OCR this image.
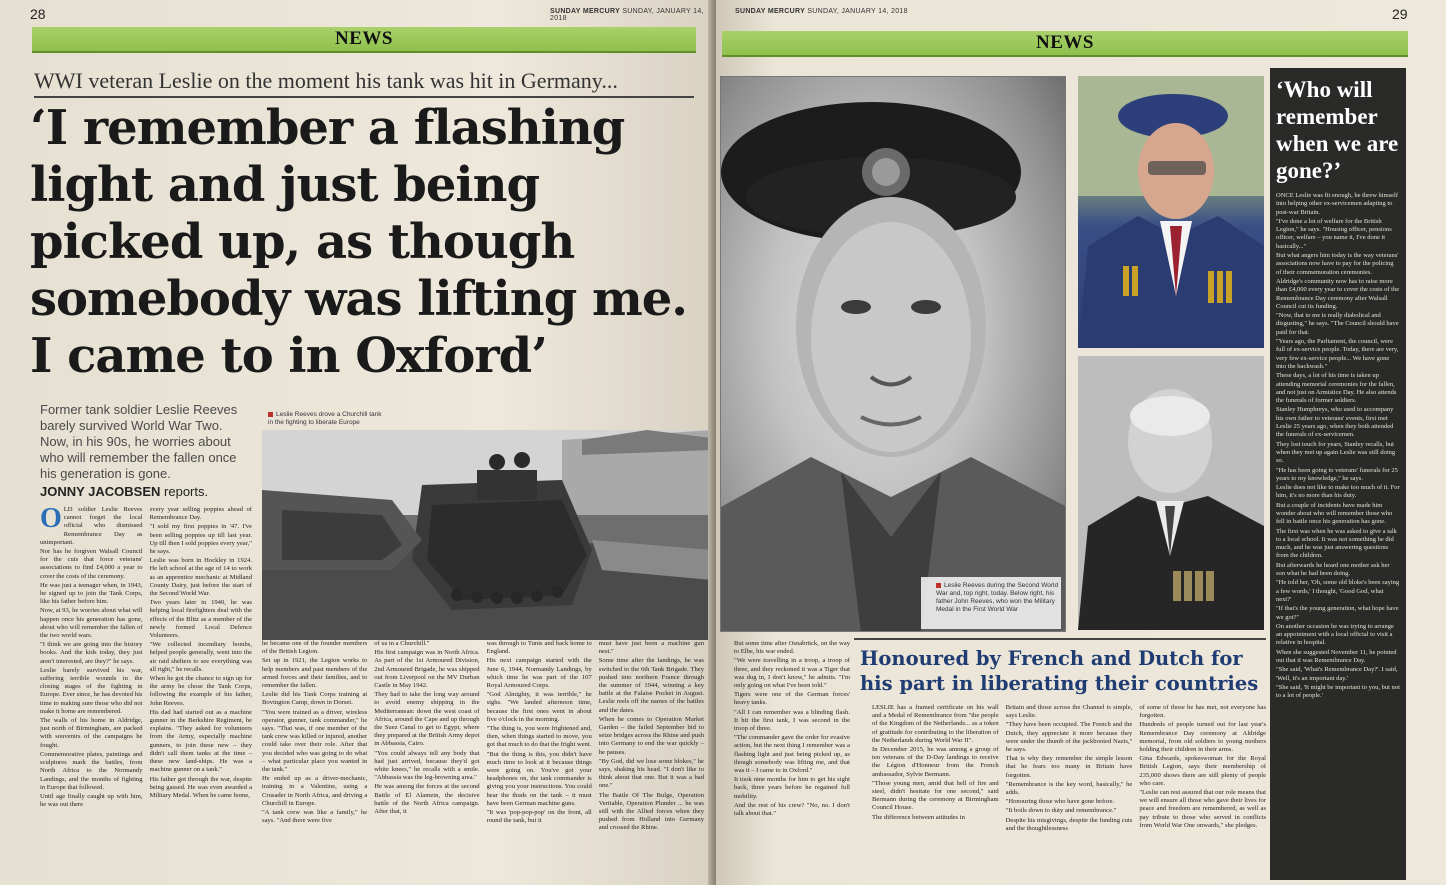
28	SUNDAY MERCURY SUNDAY, JANUARY 14, 2018
NEWS
WWI veteran Leslie on the moment his tank was hit in Germany...
‘I remember a flashing light and just being picked up, as though somebody was lifting me. I came to in Oxford’
Former tank soldier Leslie Reeves barely survived World War Two. Now, in his 90s, he worries about who will remember the fallen once his generation is gone.
JONNY JACOBSEN reports.
Leslie Reeves drove a Churchill tank in the fighting to liberate Europe
O LD soldier Leslie Reeves cannot forget the local official who dismissed Remembrance Day as unimportant.

Nor has he forgiven Walsall Council for the cuts that force veterans' associations to find £4,000 a year to cover the costs of the ceremony.

He was just a teenager when, in 1943, he signed up to join the Tank Corps, like his father before him.

Now, at 93, he worries about what will happen once his generation has gone, about who will remember the fallen of the two world wars.

"I think we are going into the history books. And the kids today, they just aren't interested, are they?" he says.

Leslie barely survived his war, suffering terrible wounds in the closing stages of the fighting in Europe. Ever since, he has devoted his time to making sure those who did not make it home are remembered.

The walls of his home in Aldridge, just north of Birmingham, are packed with souvenirs of the campaigns he fought.

Commemorative plates, paintings and sculptures mark the battles, from North Africa to the Normandy Landings, and the months of fighting in Europe that followed.

Until age finally caught up with him, he was out there

every year selling poppies ahead of Remembrance Day.

"I sold my first poppies in '47. I've been selling poppies up till last year. Up till then I sold poppies every year," he says.

Leslie was born in Hockley in 1924. He left school at the age of 14 to work as an apprentice mechanic at Midland County Dairy, just before the start of the Second World War.

Two years later in 1940, he was helping local firefighters deal with the effects of the Blitz as a member of the newly formed Local Defence Volunteers.

"We collected incendiary bombs, helped people generally, went into the air raid shelters to see everything was all right," he recalls.

When he got the chance to sign up for the army he chose the Tank Corps, following the example of his father, John Reeves.

His dad had started out as a machine gunner in the Berkshire Regiment, he explains. "They asked for volunteers from the Army, especially machine gunners, to join these new – they didn't call them tanks at the time – these new land-ships. He was a machine gunner on a tank."

His father got through the war, despite being gassed. He was even awarded a Military Medal. When he came home,

he became one of the founder members of the British Legion.

Set up in 1921, the Legion works to help members and past members of the armed forces and their families, and to remember the fallen.

Leslie did his Tank Corps training at Bovington Camp, down in Dorset.

"You were trained as a driver, wireless operator, gunner, tank commander," he says. "That was, if one member of the tank crew was killed or injured, another could take over their role. After that you decided who was going to do what – what particular place you wanted in the tank."

He ended up as a driver-mechanic, training in a Valentine, using a Crusader in North Africa, and driving a Churchill in Europe.

"A tank crew was like a family," he says. "And there were five

of us in a Churchill."

His first campaign was in North Africa. As part of the 1st Armoured Division, 2nd Armoured Brigade, he was shipped out from Liverpool on the MV Durban Castle in May 1942.

They had to take the long way around to avoid enemy shipping in the Mediterranean: down the west coast of Africa, around the Cape and up through the Suez Canal to get to Egypt, where they prepared at the British Army depot in Abbassia, Cairo.

"You could always tell any body that had just arrived, because they'd got white knees," he recalls with a smile. "Abbassia was the leg-browning area."

He was among the forces at the second Battle of El Alamein, the decisive battle of the North Africa campaign. After that, it

was through to Tunis and back home to England.

His next campaign started with the June 6, 1944, Normandy Landings, by which time he was part of the 107 Royal Armoured Corps.

"God Almighty, it was terrible," he sighs. "We landed afternoon time, because the first ones went in about five o'clock in the morning.

"The thing is, you were frightened and, then, when things started to move, you got that much to do that the fright went.

"But the thing is this, you didn't have much time to look at it because things were going on. You've got your headphones on, the tank commander is giving you your instructions. You could hear the thuds on the tank – it must have been German machine guns.

"It was 'pop-pop-pop' on the front, all round the tank, but it

must have just been a machine gun nest."

Some time after the landings, he was switched to the 6th Tank Brigade. They pushed into northern France through the summer of 1944, winning a key battle at the Falaise Pocket in August. Leslie reels off the names of the battles and the dates.

When he comes to Operation Market Garden – the failed September bid to seize bridges across the Rhine and push into Germany to end the war quickly – he pauses.

"By God, did we lose some blokes," he says, shaking his head. "I don't like to think about that one. But it was a bad one."

The Battle Of The Bulge, Operation Veritable, Operation Plunder ... he was still with the Allied forces when they pushed from Holland into Germany and crossed the Rhine.

SUNDAY MERCURY SUNDAY, JANUARY 14, 2018	29
NEWS
Leslie Reeves during the Second World War and, top right, today. Below right, his father John Reeves, who won the Military Medal in the First World War
Honoured by French and Dutch for his part in liberating their countries

But some time after Osnabrück, on the way to Elbe, his war ended.

"We were travelling in a troop, a troop of three, and they reckoned it was a Tiger that was dug in, I don't know," he admits. "I'm only going on what I've been told."

Tigers were one of the German forces' heavy tanks.

"All I can remember was a blinding flash. It hit the first tank, I was second in the troop of three.

"The commander gave the order for evasive action, but the next thing I remember was a flashing light and just being picked up, as though somebody was lifting me, and that was it – I came to in Oxford."

It took nine months for him to get his sight back, three years before he regained full mobility.

And the rest of his crew? "No, no. I don't talk about that."

LESLIE has a framed certificate on his wall and a Medal of Remembrance from "the people of the Kingdom of the Netherlands... as a token of gratitude for contributing to the liberation of the Netherlands during World War II".

In December 2015, he was among a group of ten veterans of the D-Day landings to receive the Légion d'Honneur from the French ambassador, Sylvie Bermann.

"Those young men, amid that hell of fire and steel, didn't hesitate for one second," said Bermann during the ceremony at Birmingham Council House.

The difference between attitudes in

Britain and those across the Channel is simple, says Leslie.

"They have been occupied. The French and the Dutch, they appreciate it more because they were under the thumb of the jackbooted Nazis," he says.

That is why they remember the simple lesson that he fears too many in Britain have forgotten.

"Remembrance is the key word, basically," he adds.

"Honouring those who have gone before.

"It boils down to duty and remembrance."

Despite his misgivings, despite the funding cuts and the thoughtlessness

of some of those he has met, not everyone has forgotten.

Hundreds of people turned out for last year's Remembrance Day ceremony at Aldridge memorial, from old soldiers to young mothers holding their children in their arms.

Gina Edwards, spokeswoman for the Royal British Legion, says their membership of 235,000 shows there are still plenty of people who care.

"Leslie can rest assured that our role means that we will ensure all those who gave their lives for peace and freedom are remembered, as well as pay tribute to those who served in conflicts from World War One onwards," she pledges.

‘Who will remember when we are gone?’

ONCE Leslie was fit enough, he threw himself into helping other ex-servicemen adapting to post-war Britain.

"I've done a lot of welfare for the British Legion," he says. "Housing officer, pensions officer, welfare – you name it, I've done it basically..."

But what angers him today is the way veterans' associations now have to pay for the policing of their commemoration ceremonies.

Aldridge's community now has to raise more than £4,000 every year to cover the costs of the Remembrance Day ceremony after Walsall Council cut its funding.

"Now, that to me is really diabolical and disgusting," he says. "The Council should have paid for that.

"Years ago, the Parliament, the council, were full of ex-service people. Today, there are very, very few ex-service people... We have gone into the backwash."

These days, a lot of his time is taken up attending memorial ceremonies for the fallen, and not just on Armistice Day. He also attends the funerals of former soldiers.

Stanley Humphreys, who used to accompany his own father to veterans' events, first met Leslie 25 years ago, when they both attended the funerals of ex-servicemen.

They lost touch for years, Stanley recalls, but when they met up again Leslie was still doing so.

"He has been going to veterans' funerals for 25 years to my knowledge," he says.

Leslie does not like to make too much of it. For him, it's no more than his duty.

But a couple of incidents have made him wonder about who will remember those who fell in battle once his generation has gone.

The first was when he was asked to give a talk to a local school. It was not something he did much, and he was just answering questions from the children.

But afterwards he heard one mother ask her son what he had been doing.

"He told her, 'Oh, some old bloke's been saying a few words,' I thought, 'Good God, what next?'

"If that's the young generation, what hope have we got?"

On another occasion he was trying to arrange an appointment with a local official to visit a relative in hospital.

When she suggested November 11, he pointed out that it was Remembrance Day.

"She said, 'What's Remembrance Day?'. I said, 'Well, it's an important day.'

"She said, 'It might be important to you, but not to a lot of people.'
